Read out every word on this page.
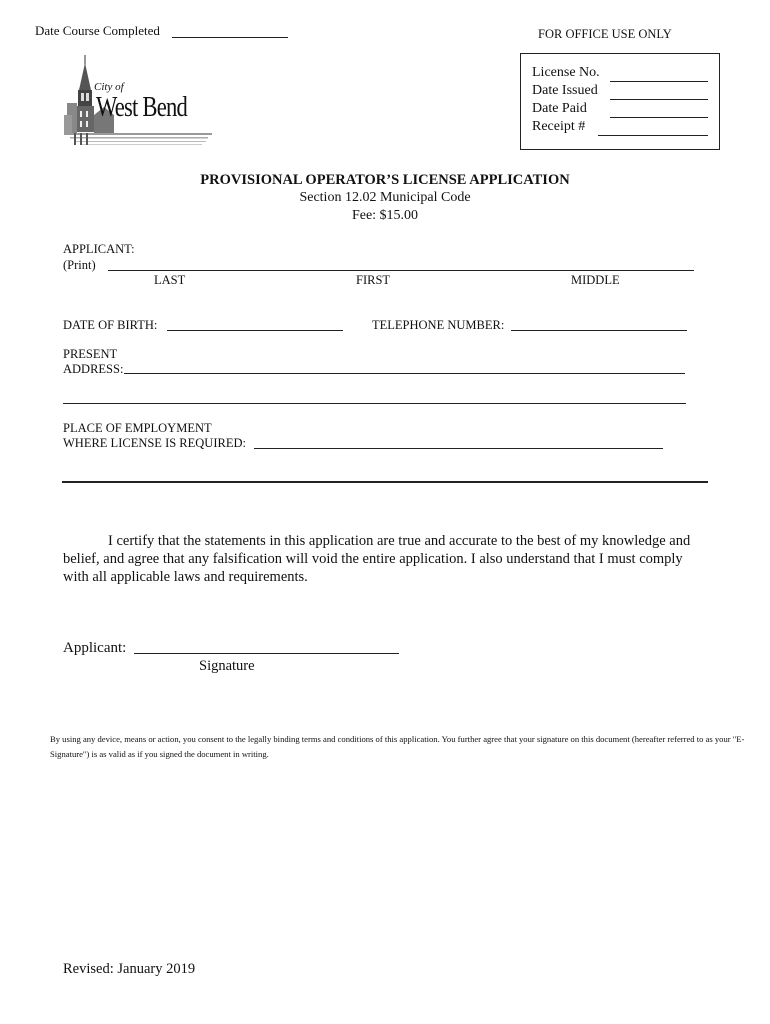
Date Course Completed	FOR OFFICE USE ONLY
License No.
Date Issued
Date Paid
Receipt #
City of
West Bend
PROVISIONAL OPERATOR’S LICENSE APPLICATION
Section 12.02 Municipal Code
Fee: $15.00
APPLICANT:
(Print)
LAST	FIRST	MIDDLE
DATE OF BIRTH:	TELEPHONE NUMBER:
PRESENT
ADDRESS:
PLACE OF EMPLOYMENT
WHERE LICENSE IS REQUIRED:
I certify that the statements in this application are true and accurate to the best of my knowledge and belief, and agree that any falsification will void the entire application. I also understand that I must comply with all applicable laws and requirements.
Applicant:
Signature
By using any device, means or action, you consent to the legally binding terms and conditions of this application. You further agree that your signature on this document (hereafter referred to as your "E-Signature") is as valid as if you signed the document in writing.
Revised: January 2019
